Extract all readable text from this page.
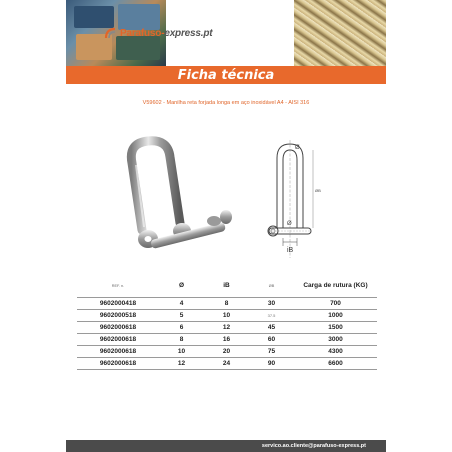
Parafuso-express.pt
Ficha técnica
V59602 - Manilha reta forjada longa em aço inoxidável A4 - AISI 316
Ø
ØB
Ø
iB
REF. n.	Ø	iB	ØB	Carga de rutura (KG)
9602000418	4	8	30	700
9602000518	5	10	37.5	1000
9602000618	6	12	45	1500
9602000618	8	16	60	3000
9602000618	10	20	75	4300
9602000618	12	24	90	6600
servico.ao.cliente@parafuso-express.pt
